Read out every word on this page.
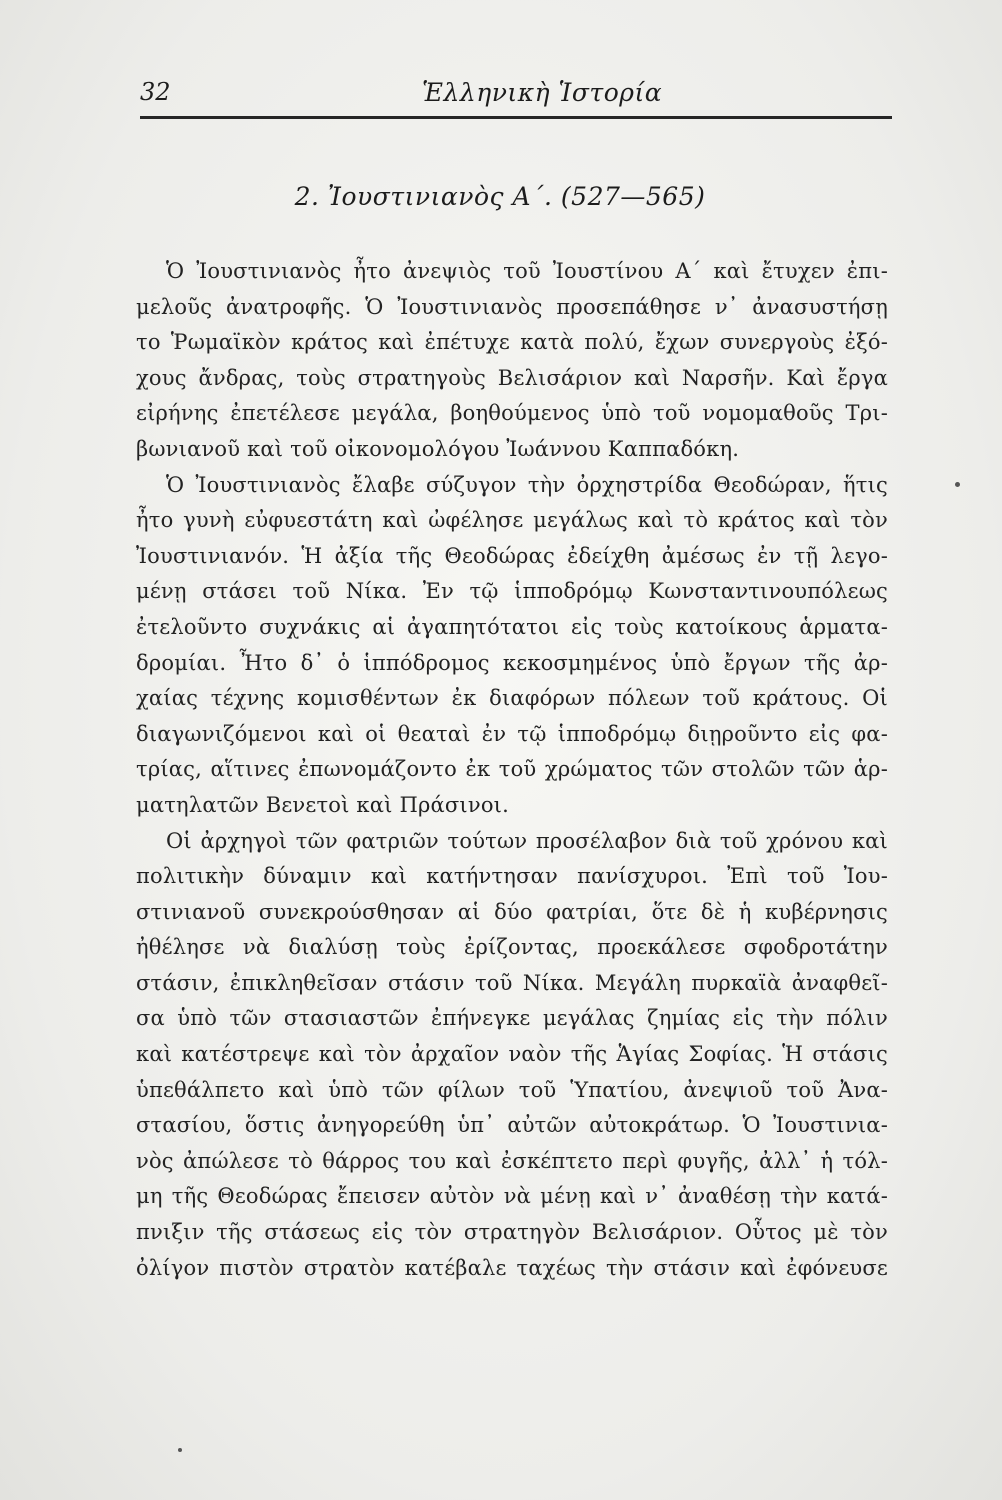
32	Ἑλληνικὴ Ἱστορία
2. Ἰουστινιανὸς Α΄. (527—565)
Ὁ Ἰουστινιανὸς ἦτο ἀνεψιὸς τοῦ Ἰουστίνου Α΄ καὶ ἔτυχεν ἐπι-
μελοῦς ἀνατροφῆς. Ὁ Ἰουστινιανὸς προσεπάθησε ν᾽ ἀνασυστήσῃ
το Ῥωμαϊκὸν κράτος καὶ ἐπέτυχε κατὰ πολύ, ἔχων συνεργοὺς ἐξό-
χους ἄνδρας, τοὺς στρατηγοὺς Βελισάριον καὶ Ναρσῆν. Καὶ ἔργα
εἰρήνης ἐπετέλεσε μεγάλα, βοηθούμενος ὑπὸ τοῦ νομομαθοῦς Τρι-
βωνιανοῦ καὶ τοῦ οἰκονομολόγου Ἰωάννου Καππαδόκη.
Ὁ Ἰουστινιανὸς ἔλαβε σύζυγον τὴν ὀρχηστρίδα Θεοδώραν, ἥτις
ἦτο γυνὴ εὐφυεστάτη καὶ ὠφέλησε μεγάλως καὶ τὸ κράτος καὶ τὸν
Ἰουστινιανόν. Ἡ ἀξία τῆς Θεοδώρας ἐδείχθη ἀμέσως ἐν τῇ λεγο-
μένῃ στάσει τοῦ Νίκα. Ἐν τῷ ἱπποδρόμῳ Κωνσταντινουπόλεως
ἐτελοῦντο συχνάκις αἱ ἀγαπητότατοι εἰς τοὺς κατοίκους ἁρματα-
δρομίαι. Ἦτο δ᾽ ὁ ἱππόδρομος κεκοσμημένος ὑπὸ ἔργων τῆς ἀρ-
χαίας τέχνης κομισθέντων ἐκ διαφόρων πόλεων τοῦ κράτους. Οἱ
διαγωνιζόμενοι καὶ οἱ θεαταὶ ἐν τῷ ἱπποδρόμῳ διῃροῦντο εἰς φα-
τρίας, αἵτινες ἐπωνομάζοντο ἐκ τοῦ χρώματος τῶν στολῶν τῶν ἁρ-
ματηλατῶν Βενετοὶ καὶ Πράσινοι.
Οἱ ἀρχηγοὶ τῶν φατριῶν τούτων προσέλαβον διὰ τοῦ χρόνου καὶ
πολιτικὴν δύναμιν καὶ κατήντησαν πανίσχυροι. Ἐπὶ τοῦ Ἰου-
στινιανοῦ συνεκρούσθησαν αἱ δύο φατρίαι, ὅτε δὲ ἡ κυβέρνησις
ἠθέλησε νὰ διαλύσῃ τοὺς ἐρίζοντας, προεκάλεσε σφοδροτάτην
στάσιν, ἐπικληθεῖσαν στάσιν τοῦ Νίκα. Μεγάλη πυρκαϊὰ ἀναφθεῖ-
σα ὑπὸ τῶν στασιαστῶν ἐπήνεγκε μεγάλας ζημίας εἰς τὴν πόλιν
καὶ κατέστρεψε καὶ τὸν ἀρχαῖον ναὸν τῆς Ἁγίας Σοφίας. Ἡ στάσις
ὑπεθάλπετο καὶ ὑπὸ τῶν φίλων τοῦ Ὑπατίου, ἀνεψιοῦ τοῦ Ἀνα-
στασίου, ὅστις ἀνηγορεύθη ὑπ᾽ αὐτῶν αὐτοκράτωρ. Ὁ Ἰουστινια-
νὸς ἀπώλεσε τὸ θάρρος του καὶ ἐσκέπτετο περὶ φυγῆς, ἀλλ᾽ ἡ τόλ-
μη τῆς Θεοδώρας ἔπεισεν αὐτὸν νὰ μένῃ καὶ ν᾽ ἀναθέσῃ τὴν κατά-
πνιξιν τῆς στάσεως εἰς τὸν στρατηγὸν Βελισάριον. Οὗτος μὲ τὸν
ὀλίγον πιστὸν στρατὸν κατέβαλε ταχέως τὴν στάσιν καὶ ἐφόνευσε
